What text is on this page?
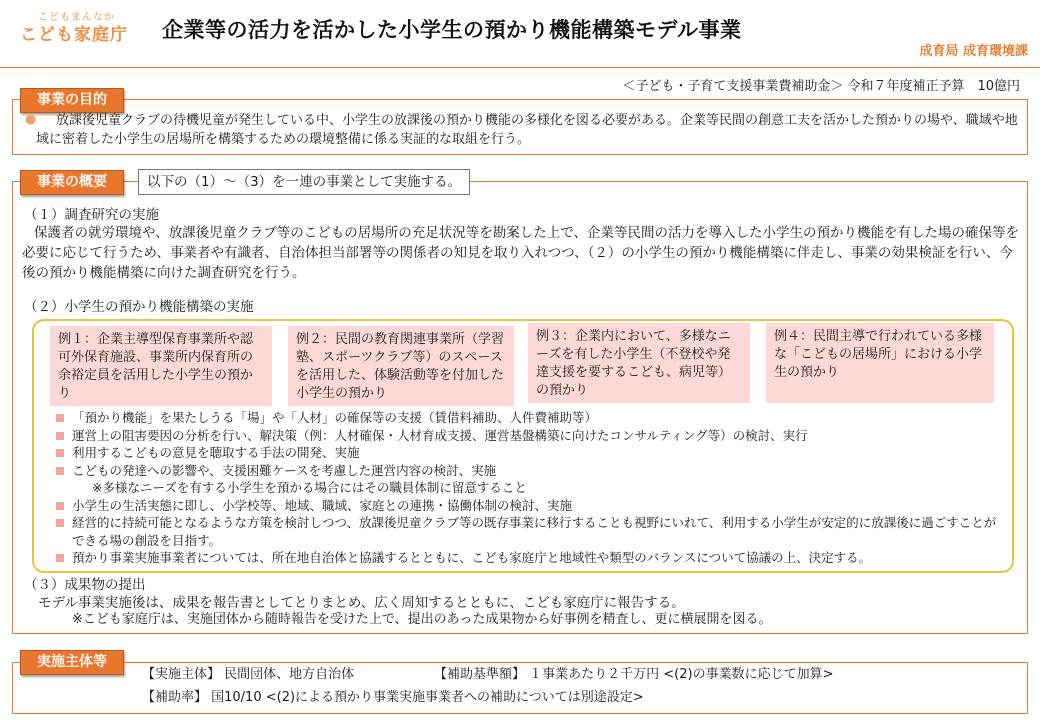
こどもまんなか
こども家庭庁 企業等の活力を活かした小学生の預かり機能構築モデル事業
成育局 成育環境課
＜子ども・子育て支援事業費補助金＞ 令和７年度補正予算　10億円
事業の目的
●	放課後児童クラブの待機児童が発生している中、小学生の放課後の預かり機能の多様化を図る必要がある。企業等民間の創意工夫を活かした預かりの場や、職域や地域に密着した小学生の居場所を構築するための環境整備に係る実証的な取組を行う。
事業の概要	以下の（1）～（3）を一連の事業として実施する。
（１）調査研究の実施
保護者の就労環境や、放課後児童クラブ等のこどもの居場所の充足状況等を勘案した上で、企業等民間の活力を導入した小学生の預かり機能を有した場の確保等を必要に応じて行うため、事業者や有識者、自治体担当部署等の関係者の知見を取り入れつつ、（２）の小学生の預かり機能構築に伴走し、事業の効果検証を行い、今後の預かり機能構築に向けた調査研究を行う。
（２）小学生の預かり機能構築の実施
例１：企業主導型保育事業所や認可外保育施設、事業所内保育所の余裕定員を活用した小学生の預かり
例２：民間の教育関連事業所（学習塾、スポーツクラブ等）のスペースを活用した、体験活動等を付加した小学生の預かり
例３：企業内において、多様なニーズを有した小学生（不登校や発達支援を要するこども、病児等）の預かり
例４：民間主導で行われている多様な「こどもの居場所」における小学生の預かり
「預かり機能」を果たしうる「場」や「人材」の確保等の支援（賃借料補助、人件費補助等）
運営上の阻害要因の分析を行い、解決策（例：人材確保・人材育成支援、運営基盤構築に向けたコンサルティング等）の検討、実行
利用するこどもの意見を聴取する手法の開発、実施
こどもの発達への影響や、支援困難ケースを考慮した運営内容の検討、実施
※多様なニーズを有する小学生を預かる場合にはその職員体制に留意すること
小学生の生活実態に即し、小学校等、地域、職域、家庭との連携・協働体制の検討、実施
経営的に持続可能となるような方策を検討しつつ、放課後児童クラブ等の既存事業に移行することも視野にいれて、利用する小学生が安定的に放課後に過ごすことができる場の創設を目指す。
預かり事業実施事業者については、所在地自治体と協議するとともに、こども家庭庁と地域性や類型のバランスについて協議の上、決定する。
（３）成果物の提出
モデル事業実施後は、成果を報告書としてとりまとめ、広く周知するとともに、こども家庭庁に報告する。
※こども家庭庁は、実施団体から随時報告を受けた上で、提出のあった成果物から好事例を精査し、更に横展開を図る。
実施主体等
【実施主体】 民間団体、地方自治体	【補助基準額】 １事業あたり２千万円 <(2)の事業数に応じて加算>
【補助率】 国10/10 <(2)による預かり事業実施事業者への補助については別途設定>
